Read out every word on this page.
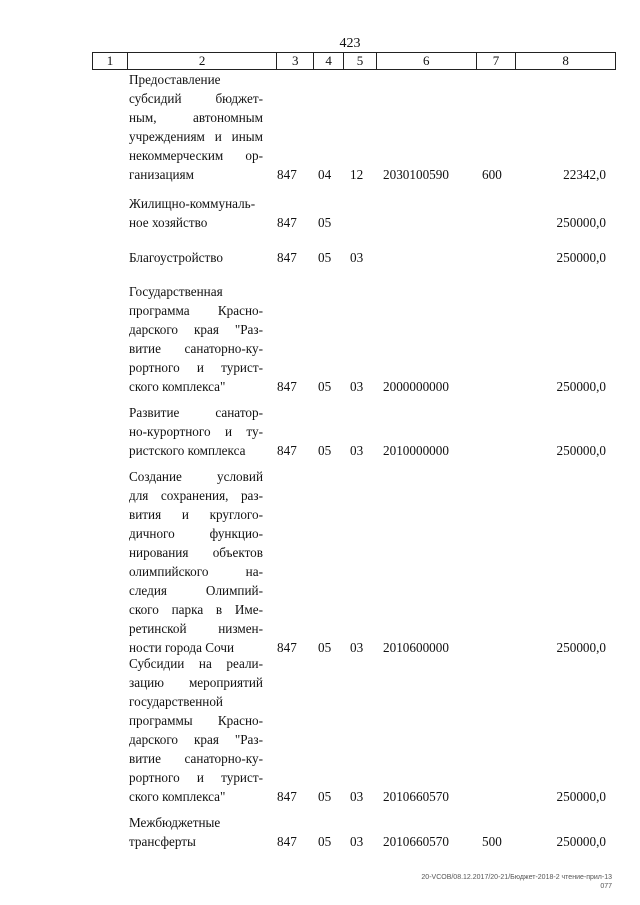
423
1	2	3	4	5	6	7	8
Предоставление
субсидий бюджет-
ным, автономным
учреждениям и иным
некоммерческим ор-
ганизациям	847 04 12 2030100590	600	22342,0
Жилищно-коммуналь-
ное хозяйство	847 05	250000,0
Благоустройство	847 05 03	250000,0
Государственная
программа Красно-
дарского края "Раз-
витие санаторно-ку-
рортного и турист-
ского комплекса"	847 05 03 2000000000	250000,0
Развитие санатор-
но-курортного и ту-
ристского комплекса	847 05 03 2010000000	250000,0
Создание условий
для сохранения, раз-
вития и круглого-
дичного функцио-
нирования объектов
олимпийского на-
следия Олимпий-
ского парка в Име-
ретинской низмен-
ности города Сочи	847 05 03 2010600000	250000,0
Субсидии на реали-
зацию мероприятий
государственной
программы Красно-
дарского края "Раз-
витие санаторно-ку-
рортного и турист-
ского комплекса"	847 05 03 2010660570	250000,0
Межбюджетные
трансферты	847 05 03 2010660570	500	250000,0
20-VCOB/08.12.2017/20-21/Бюджет-2018-2 чтение-прил-13
077
